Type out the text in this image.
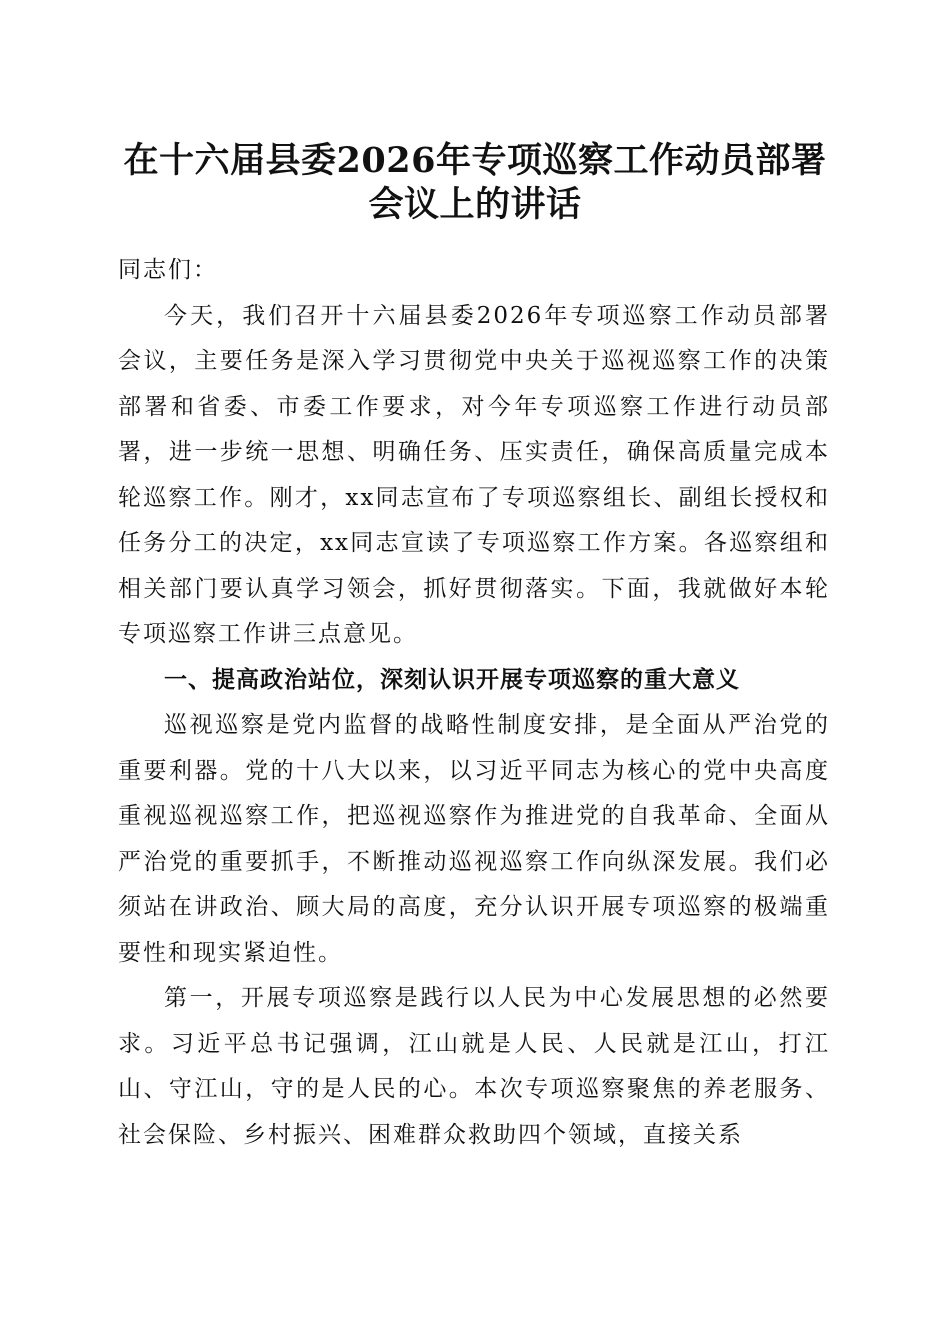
在十六届县委2026年专项巡察工作动员部署
会议上的讲话

同志们：

今天，我们召开十六届县委2026年专项巡察工作动员部署会议，主要任务是深入学习贯彻党中央关于巡视巡察工作的决策部署和省委、市委工作要求，对今年专项巡察工作进行动员部署，进一步统一思想、明确任务、压实责任，确保高质量完成本轮巡察工作。刚才，xx同志宣布了专项巡察组长、副组长授权和任务分工的决定，xx同志宣读了专项巡察工作方案。各巡察组和相关部门要认真学习领会，抓好贯彻落实。下面，我就做好本轮专项巡察工作讲三点意见。

一、提高政治站位，深刻认识开展专项巡察的重大意义

巡视巡察是党内监督的战略性制度安排，是全面从严治党的重要利器。党的十八大以来，以习近平同志为核心的党中央高度重视巡视巡察工作，把巡视巡察作为推进党的自我革命、全面从严治党的重要抓手，不断推动巡视巡察工作向纵深发展。我们必须站在讲政治、顾大局的高度，充分认识开展专项巡察的极端重要性和现实紧迫性。

第一，开展专项巡察是践行以人民为中心发展思想的必然要求。习近平总书记强调，江山就是人民、人民就是江山，打江山、守江山，守的是人民的心。本次专项巡察聚焦的养老服务、社会保险、乡村振兴、困难群众救助四个领域，直接关系
